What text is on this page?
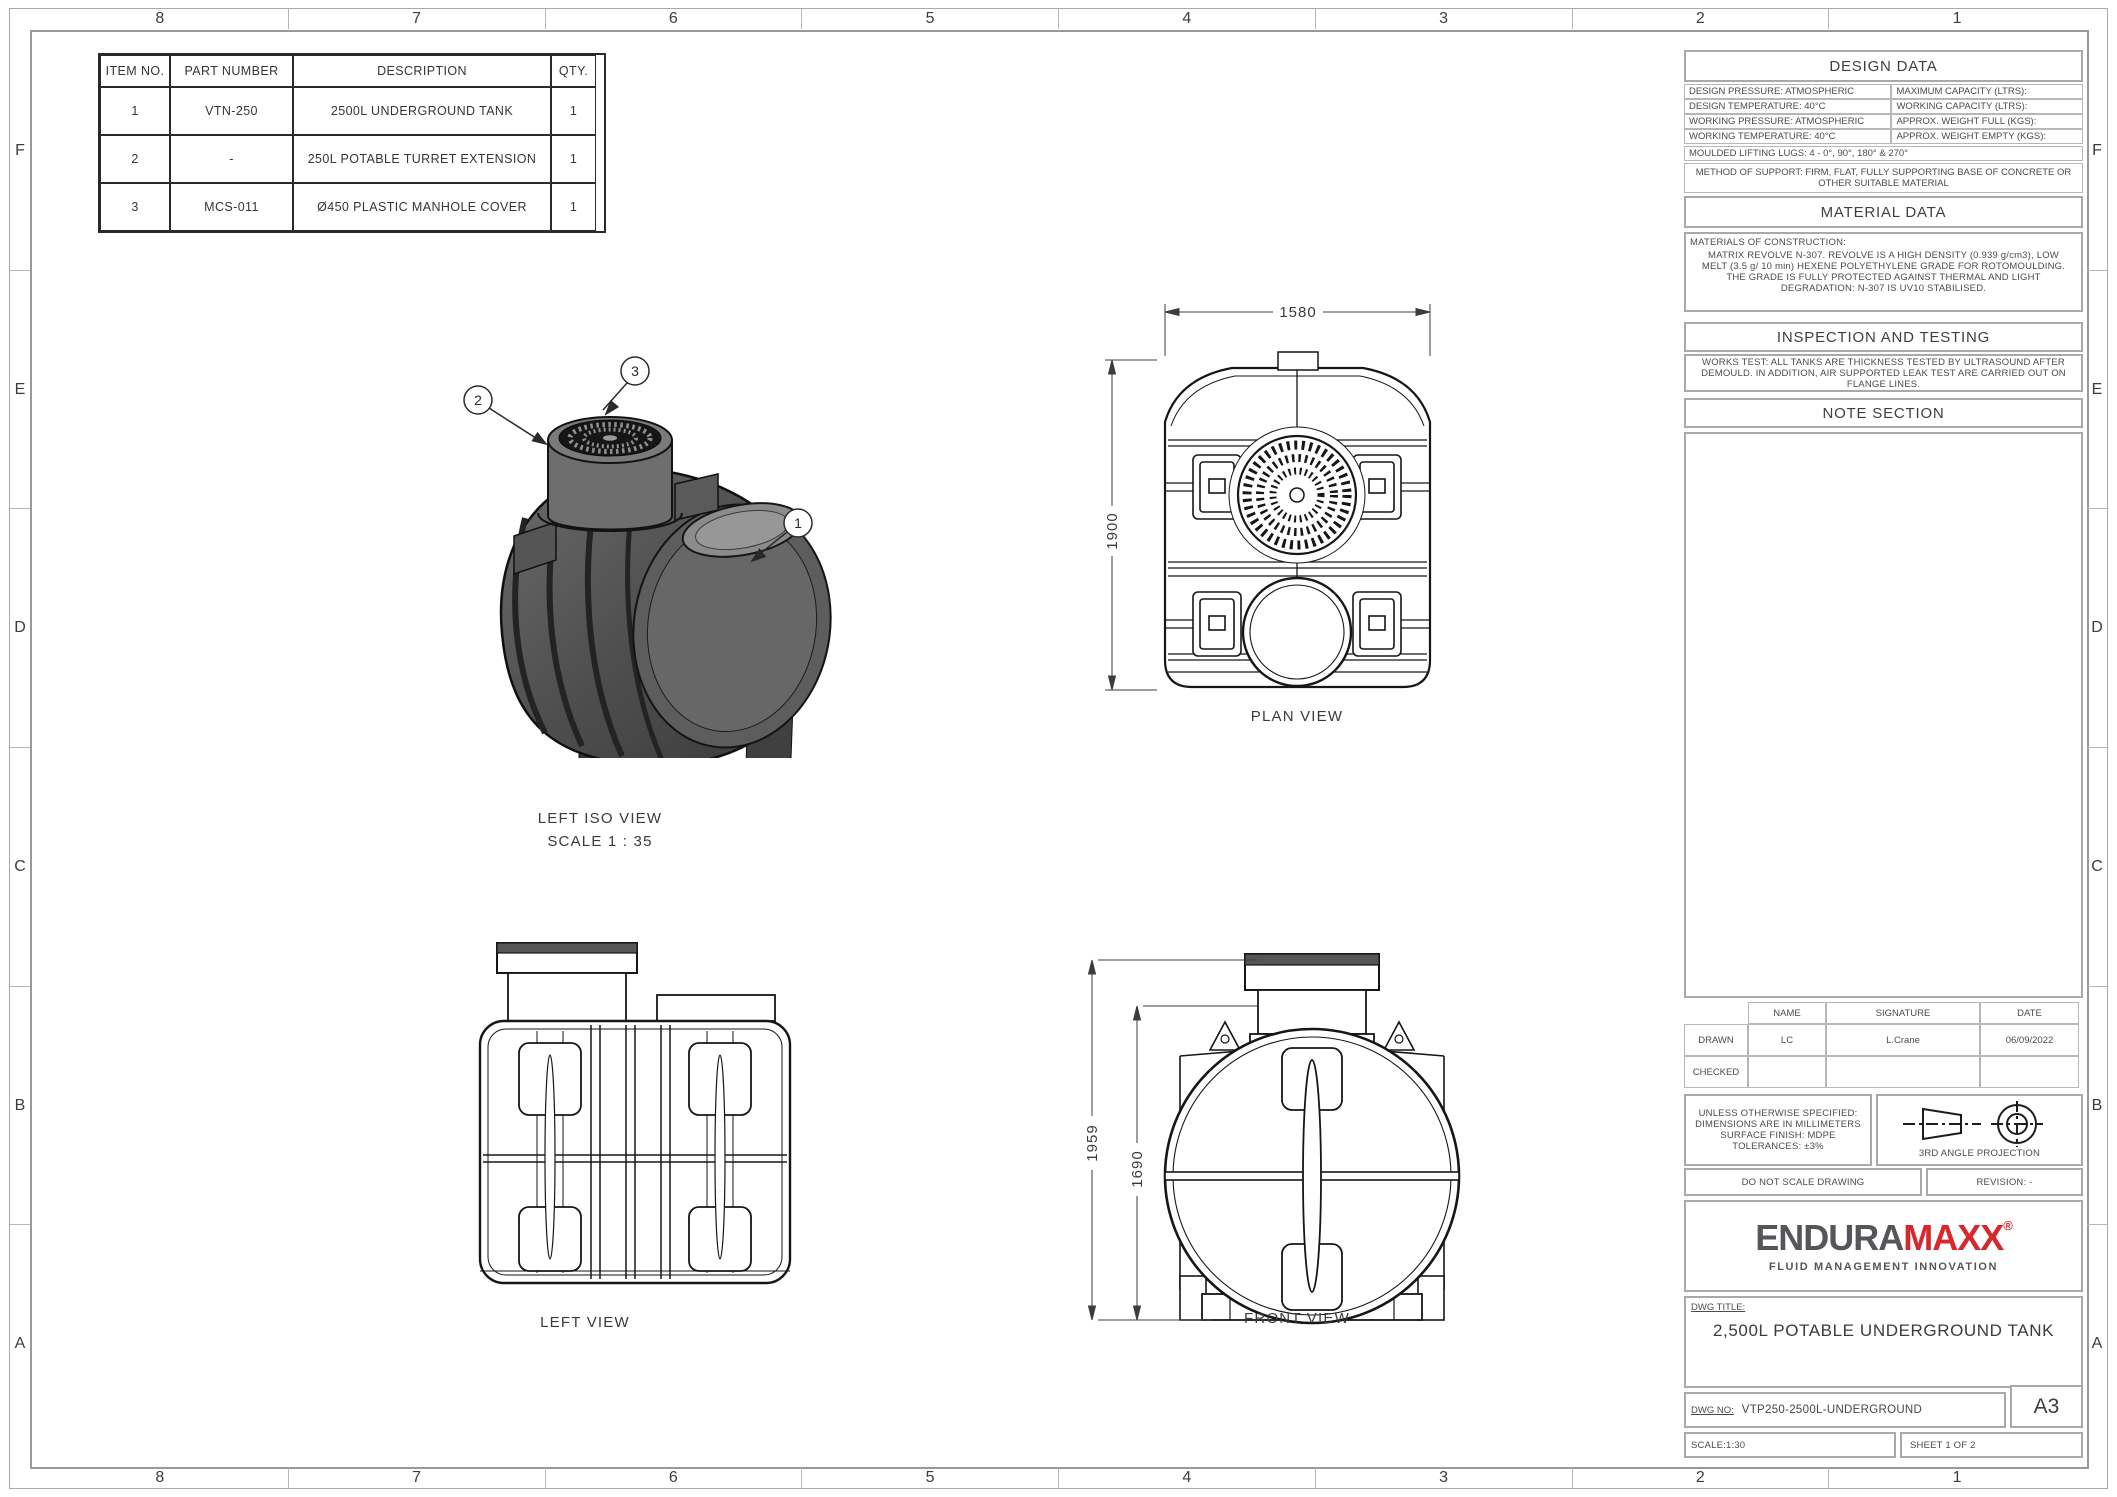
8	7	6	5	4	3	2	1
8	7	6	5	4	3	2	1
F
E
D
C
B
A
F
E
D
C
B
A
ITEM NO.	PART NUMBER	DESCRIPTION	QTY.
1	VTN-250	2500L UNDERGROUND TANK	1
2	-	250L POTABLE TURRET EXTENSION	1
3	MCS-011	Ø450 PLASTIC MANHOLE COVER	1
2
3
1
LEFT ISO VIEW
SCALE 1 : 35
1580
1900
PLAN VIEW
LEFT VIEW
1959
1690
FRONT VIEW
DESIGN DATA
DESIGN PRESSURE: ATMOSPHERIC	MAXIMUM CAPACITY (LTRS):
DESIGN TEMPERATURE: 40°C	WORKING CAPACITY (LTRS):
WORKING PRESSURE: ATMOSPHERIC	APPROX. WEIGHT FULL (KGS):
WORKING TEMPERATURE: 40°C	APPROX. WEIGHT EMPTY (KGS):
MOULDED LIFTING LUGS: 4 - 0°, 90°, 180° & 270°
METHOD OF SUPPORT: FIRM, FLAT, FULLY SUPPORTING BASE OF CONCRETE OR OTHER SUITABLE MATERIAL
MATERIAL DATA
MATERIALS OF CONSTRUCTION:
MATRIX REVOLVE N-307. REVOLVE IS A HIGH DENSITY (0.939 g/cm3), LOW MELT (3.5 g/ 10 min) HEXENE POLYETHYLENE GRADE FOR ROTOMOULDING. THE GRADE IS FULLY PROTECTED AGAINST THERMAL AND LIGHT DEGRADATION: N-307 IS UV10 STABILISED.
INSPECTION AND TESTING
WORKS TEST: ALL TANKS ARE THICKNESS TESTED BY ULTRASOUND AFTER DEMOULD. IN ADDITION, AIR SUPPORTED LEAK TEST ARE CARRIED OUT ON FLANGE LINES.
NOTE SECTION
NAME	SIGNATURE	DATE
DRAWN	LC	L.Crane	06/09/2022
CHECKED
UNLESS OTHERWISE SPECIFIED:
DIMENSIONS ARE IN MILLIMETERS
SURFACE FINISH: MDPE
TOLERANCES: ±3%
3RD ANGLE PROJECTION
DO NOT SCALE DRAWING	REVISION: -
ENDURAMAXX®
FLUID MANAGEMENT INNOVATION
DWG TITLE:
2,500L POTABLE UNDERGROUND TANK
DWG NO: VTP250-2500L-UNDERGROUND	A3
SCALE:1:30	SHEET 1 OF 2
